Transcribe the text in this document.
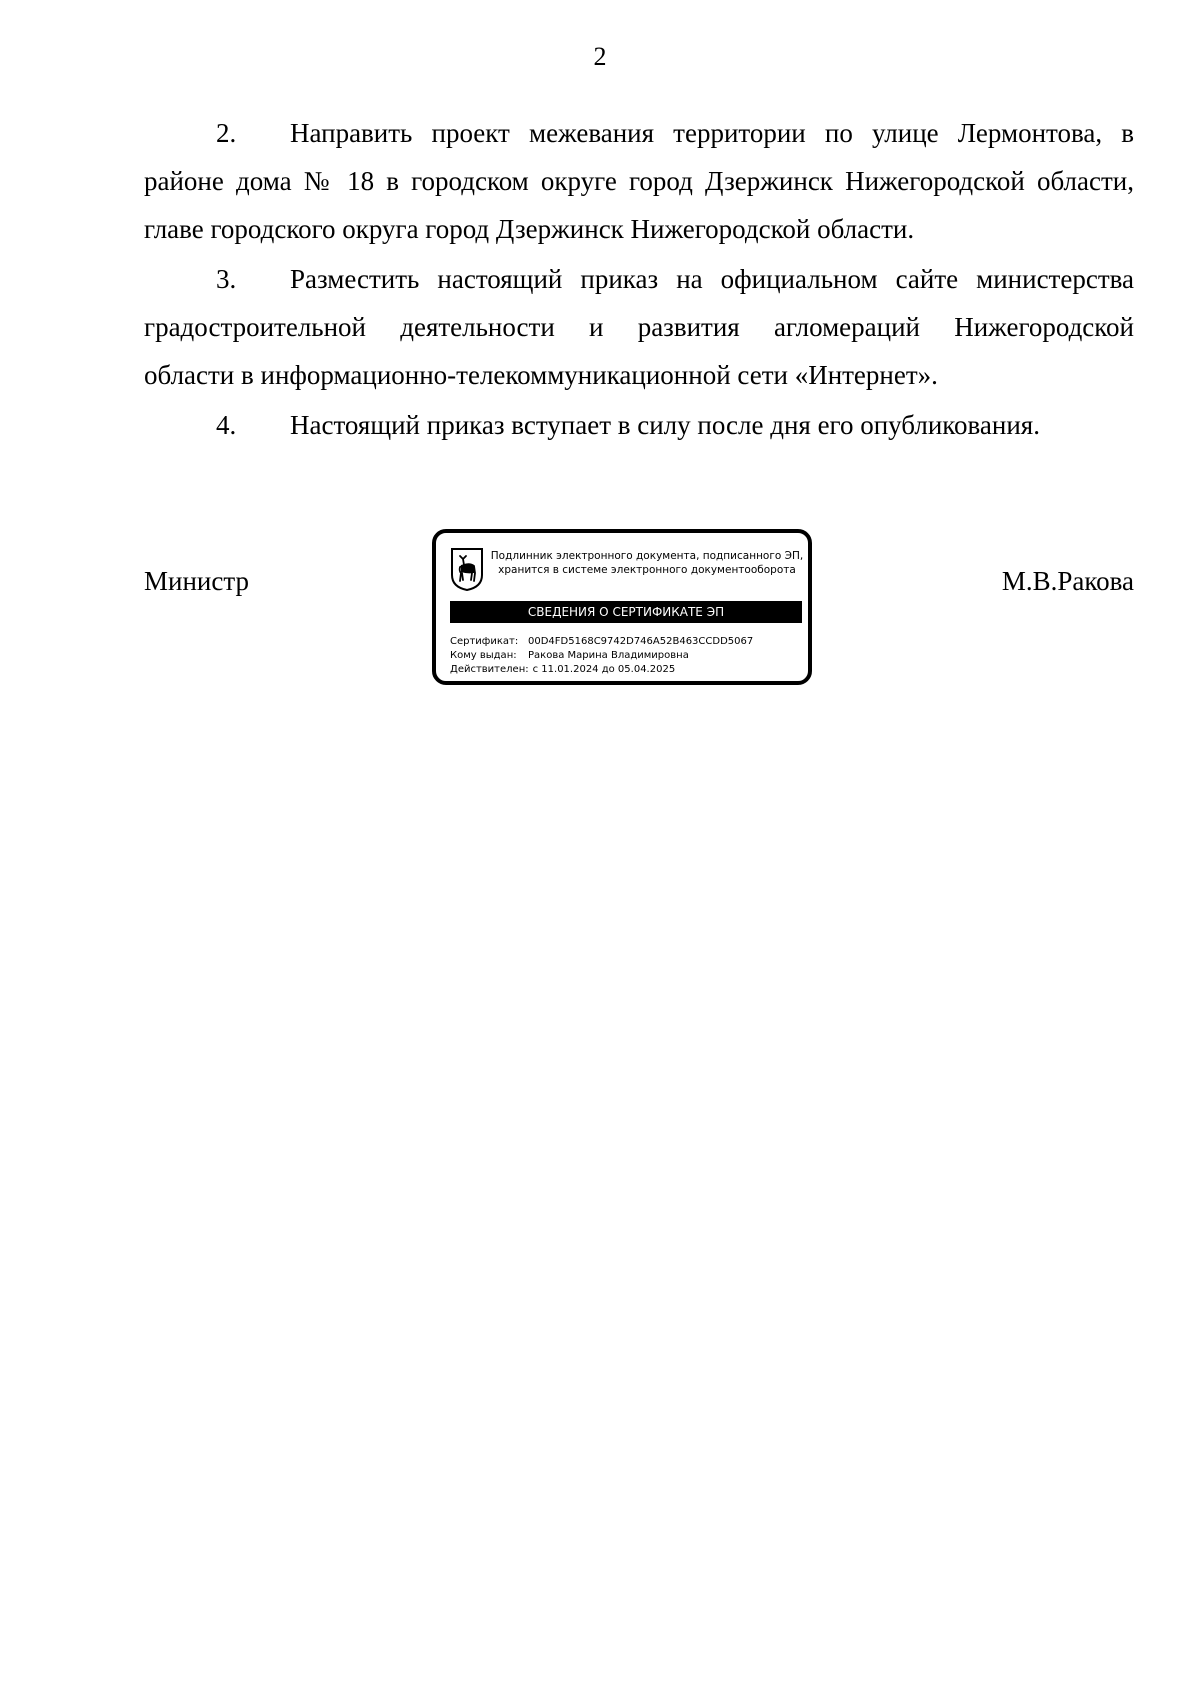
2
2. Направить проект межевания территории по улице Лермонтова, в
районе дома № 18 в городском округе город Дзержинск Нижегородской области,
главе городского округа город Дзержинск Нижегородской области.
3. Разместить настоящий приказ на официальном сайте министерства
градостроительной деятельности и развития агломераций Нижегородской
области в информационно-телекоммуникационной сети «Интернет».
4. Настоящий приказ вступает в силу после дня его опубликования.
Министр	М.В.Ракова
Подлинник электронного документа, подписанного ЭП,
хранится в системе электронного документооборота
СВЕДЕНИЯ О СЕРТИФИКАТЕ ЭП
Сертификат: 00D4FD5168C9742D746A52B463CCDD5067
Кому выдан: Ракова Марина Владимировна
Действителен: с 11.01.2024 до 05.04.2025
